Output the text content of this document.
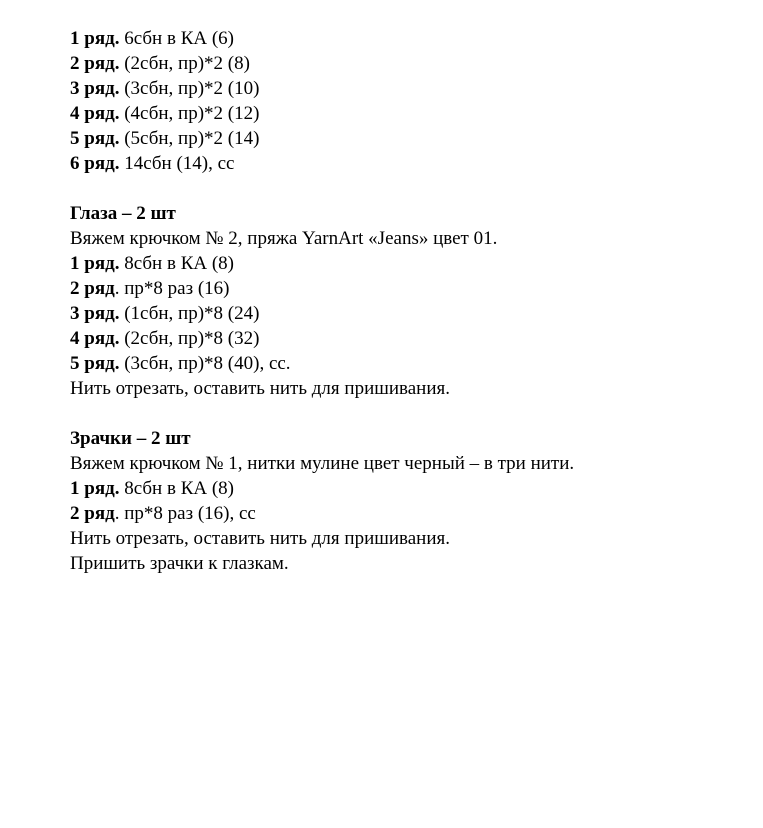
1 ряд. 6сбн в КА (6)
2 ряд. (2сбн, пр)*2 (8)
3 ряд. (3сбн, пр)*2 (10)
4 ряд. (4сбн, пр)*2 (12)
5 ряд. (5сбн, пр)*2 (14)
6 ряд. 14сбн (14), сс
Глаза – 2 шт
Вяжем крючком № 2, пряжа YarnArt «Jeans» цвет 01.
1 ряд. 8сбн в КА (8)
2 ряд. пр*8 раз (16)
3 ряд. (1сбн, пр)*8 (24)
4 ряд. (2сбн, пр)*8 (32)
5 ряд. (3сбн, пр)*8 (40), сс.
Нить отрезать, оставить нить для пришивания.
Зрачки – 2 шт
Вяжем крючком № 1, нитки мулине цвет черный – в три нити.
1 ряд. 8сбн в КА (8)
2 ряд. пр*8 раз (16), сс
Нить отрезать, оставить нить для пришивания.
Пришить зрачки к глазкам.
